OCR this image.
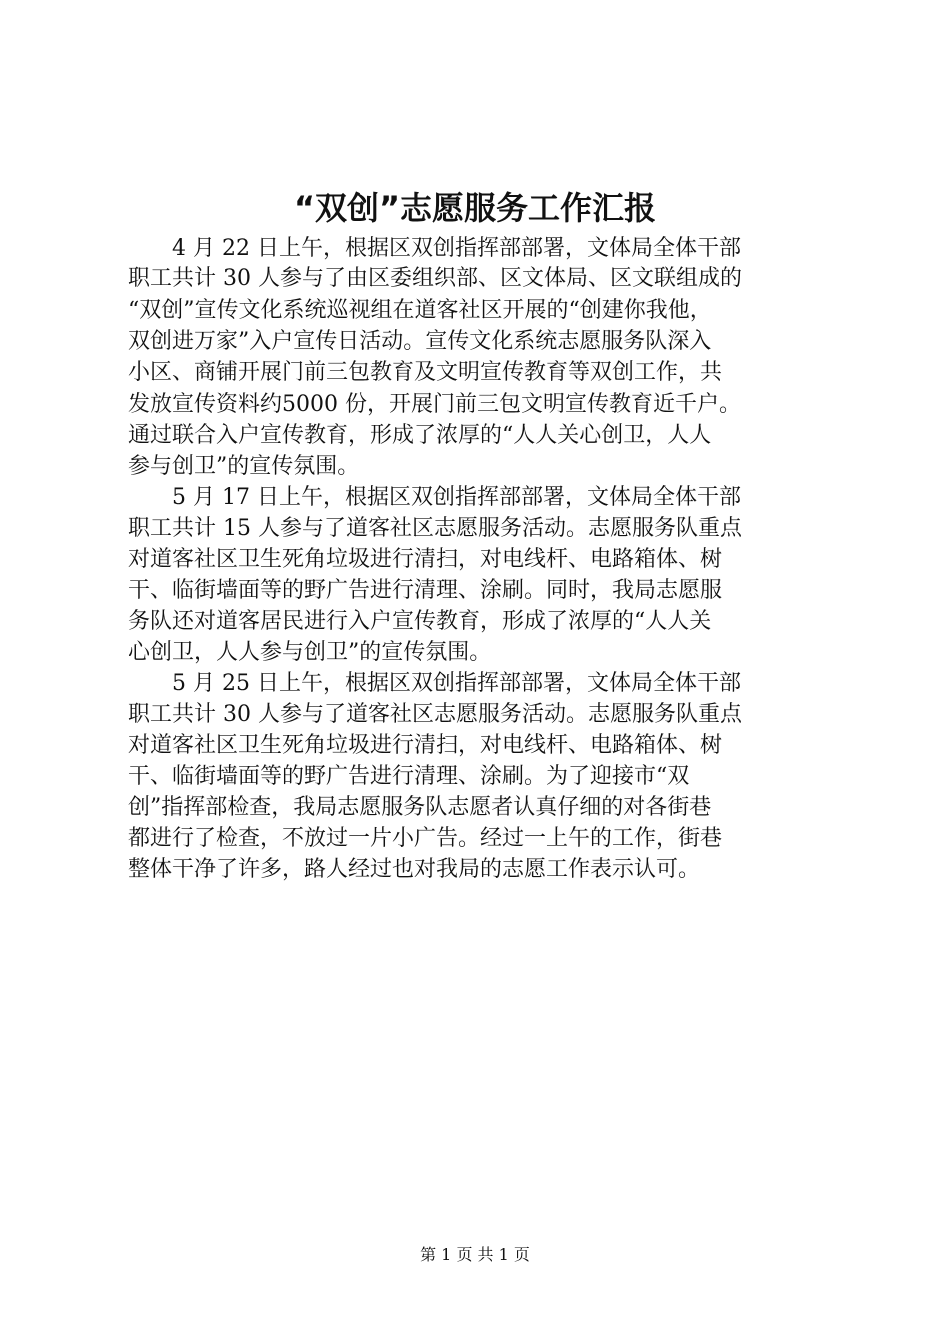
“双创”志愿服务工作汇报
　　4 月 22 日上午，根据区双创指挥部部署，文体局全体干部
职工共计 30 人参与了由区委组织部、区文体局、区文联组成的
“双创”宣传文化系统巡视组在道客社区开展的“创建你我他，
双创进万家”入户宣传日活动。宣传文化系统志愿服务队深入
小区、商铺开展门前三包教育及文明宣传教育等双创工作，共
发放宣传资料约5000 份，开展门前三包文明宣传教育近千户。
通过联合入户宣传教育，形成了浓厚的“人人关心创卫，人人
参与创卫”的宣传氛围。
　　5 月 17 日上午，根据区双创指挥部部署，文体局全体干部
职工共计 15 人参与了道客社区志愿服务活动。志愿服务队重点
对道客社区卫生死角垃圾进行清扫，对电线杆、电路箱体、树
干、临街墙面等的野广告进行清理、涂刷。同时，我局志愿服
务队还对道客居民进行入户宣传教育，形成了浓厚的“人人关
心创卫，人人参与创卫”的宣传氛围。
　　5 月 25 日上午，根据区双创指挥部部署，文体局全体干部
职工共计 30 人参与了道客社区志愿服务活动。志愿服务队重点
对道客社区卫生死角垃圾进行清扫，对电线杆、电路箱体、树
干、临街墙面等的野广告进行清理、涂刷。为了迎接市“双
创”指挥部检查，我局志愿服务队志愿者认真仔细的对各街巷
都进行了检查，不放过一片小广告。经过一上午的工作，街巷
整体干净了许多，路人经过也对我局的志愿工作表示认可。
第 1 页 共 1 页
